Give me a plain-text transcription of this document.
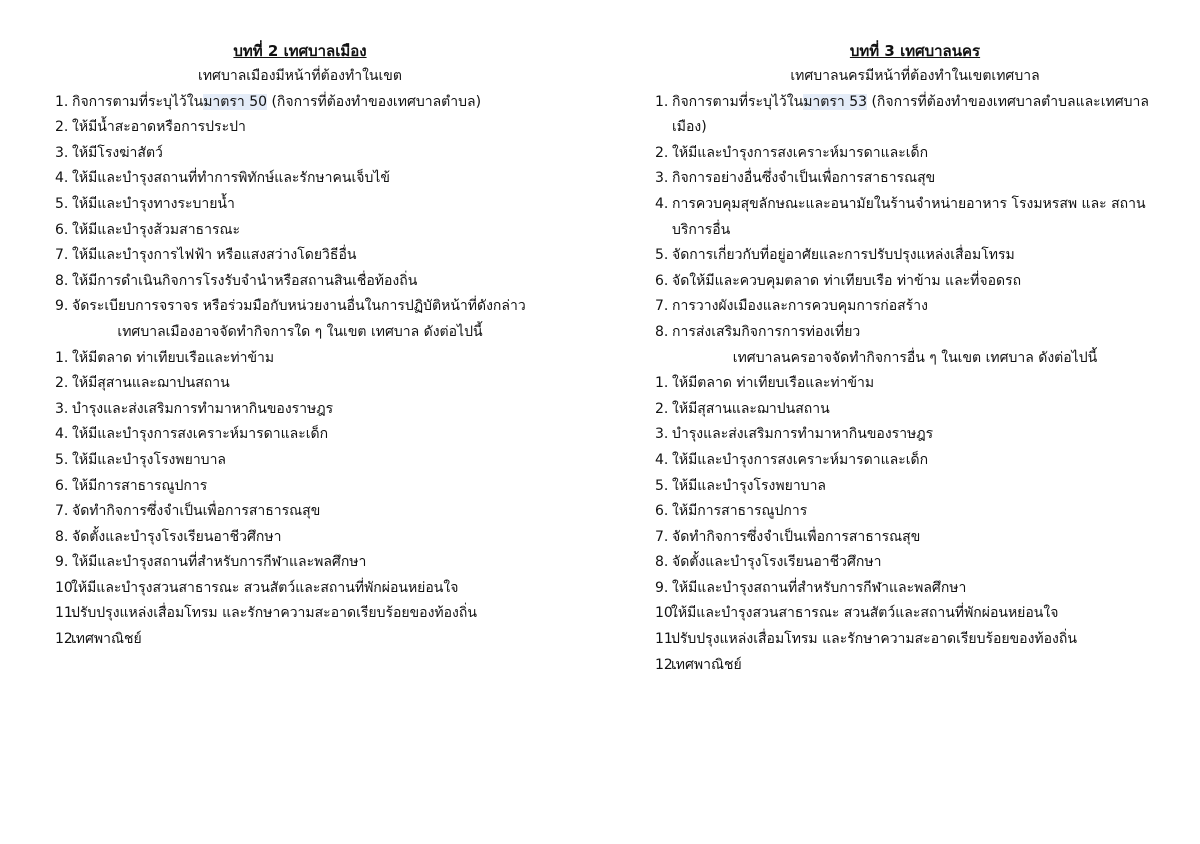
บทที่ 2 เทศบาลเมือง
เทศบาลเมืองมีหน้าที่ต้องทำในเขต
1. กิจการตามที่ระบุไว้ในมาตรา 50 (กิจการที่ต้องทำของเทศบาลตำบล)
2. ให้มีน้ำสะอาดหรือการประปา
3. ให้มีโรงฆ่าสัตว์
4. ให้มีและบำรุงสถานที่ทำการพิทักษ์และรักษาคนเจ็บไข้
5. ให้มีและบำรุงทางระบายน้ำ
6. ให้มีและบำรุงส้วมสาธารณะ
7. ให้มีและบำรุงการไฟฟ้า หรือแสงสว่างโดยวิธีอื่น
8. ให้มีการดำเนินกิจการโรงรับจำนำหรือสถานสินเชื่อท้องถิ่น
9. จัดระเบียบการจราจร หรือร่วมมือกับหน่วยงานอื่นในการปฏิบัติหน้าที่ดังกล่าว
เทศบาลเมืองอาจจัดทำกิจการใด ๆ ในเขต เทศบาล ดังต่อไปนี้
1. ให้มีตลาด ท่าเทียบเรือและท่าข้าม
2. ให้มีสุสานและฌาปนสถาน
3. บำรุงและส่งเสริมการทำมาหากินของราษฎร
4. ให้มีและบำรุงการสงเคราะห์มารดาและเด็ก
5. ให้มีและบำรุงโรงพยาบาล
6. ให้มีการสาธารณูปการ
7. จัดทำกิจการซึ่งจำเป็นเพื่อการสาธารณสุข
8. จัดตั้งและบำรุงโรงเรียนอาชีวศึกษา
9. ให้มีและบำรุงสถานที่สำหรับการกีฬาและพลศึกษา
10.
ให้มีและบำรุงสวนสาธารณะ สวนสัตว์และสถานที่พักผ่อนหย่อนใจ
11.
ปรับปรุงแหล่งเสื่อมโทรม และรักษาความสะอาดเรียบร้อยของท้องถิ่น
12.
เทศพาณิชย์
บทที่ 3 เทศบาลนคร
เทศบาลนครมีหน้าที่ต้องทำในเขตเทศบาล
1. กิจการตามที่ระบุไว้ในมาตรา 53 (กิจการที่ต้องทำของเทศบาลตำบลและเทศบาลเมือง)
2. ให้มีและบำรุงการสงเคราะห์มารดาและเด็ก
3. กิจการอย่างอื่นซึ่งจำเป็นเพื่อการสาธารณสุข
4. การควบคุมสุขลักษณะและอนามัยในร้านจำหน่ายอาหาร โรงมหรสพ และ สถานบริการอื่น
5. จัดการเกี่ยวกับที่อยู่อาศัยและการปรับปรุงแหล่งเสื่อมโทรม
6. จัดให้มีและควบคุมตลาด ท่าเทียบเรือ ท่าข้าม และที่จอดรถ
7. การวางผังเมืองและการควบคุมการก่อสร้าง
8. การส่งเสริมกิจการการท่องเที่ยว
เทศบาลนครอาจจัดทำกิจการอื่น ๆ ในเขต เทศบาล ดังต่อไปนี้
1. ให้มีตลาด ท่าเทียบเรือและท่าข้าม
2. ให้มีสุสานและฌาปนสถาน
3. บำรุงและส่งเสริมการทำมาหากินของราษฎร
4. ให้มีและบำรุงการสงเคราะห์มารดาและเด็ก
5. ให้มีและบำรุงโรงพยาบาล
6. ให้มีการสาธารณูปการ
7. จัดทำกิจการซึ่งจำเป็นเพื่อการสาธารณสุข
8. จัดตั้งและบำรุงโรงเรียนอาชีวศึกษา
9. ให้มีและบำรุงสถานที่สำหรับการกีฬาและพลศึกษา
10.
ให้มีและบำรุงสวนสาธารณะ สวนสัตว์และสถานที่พักผ่อนหย่อนใจ
11.
ปรับปรุงแหล่งเสื่อมโทรม และรักษาความสะอาดเรียบร้อยของท้องถิ่น
12.
เทศพาณิชย์
